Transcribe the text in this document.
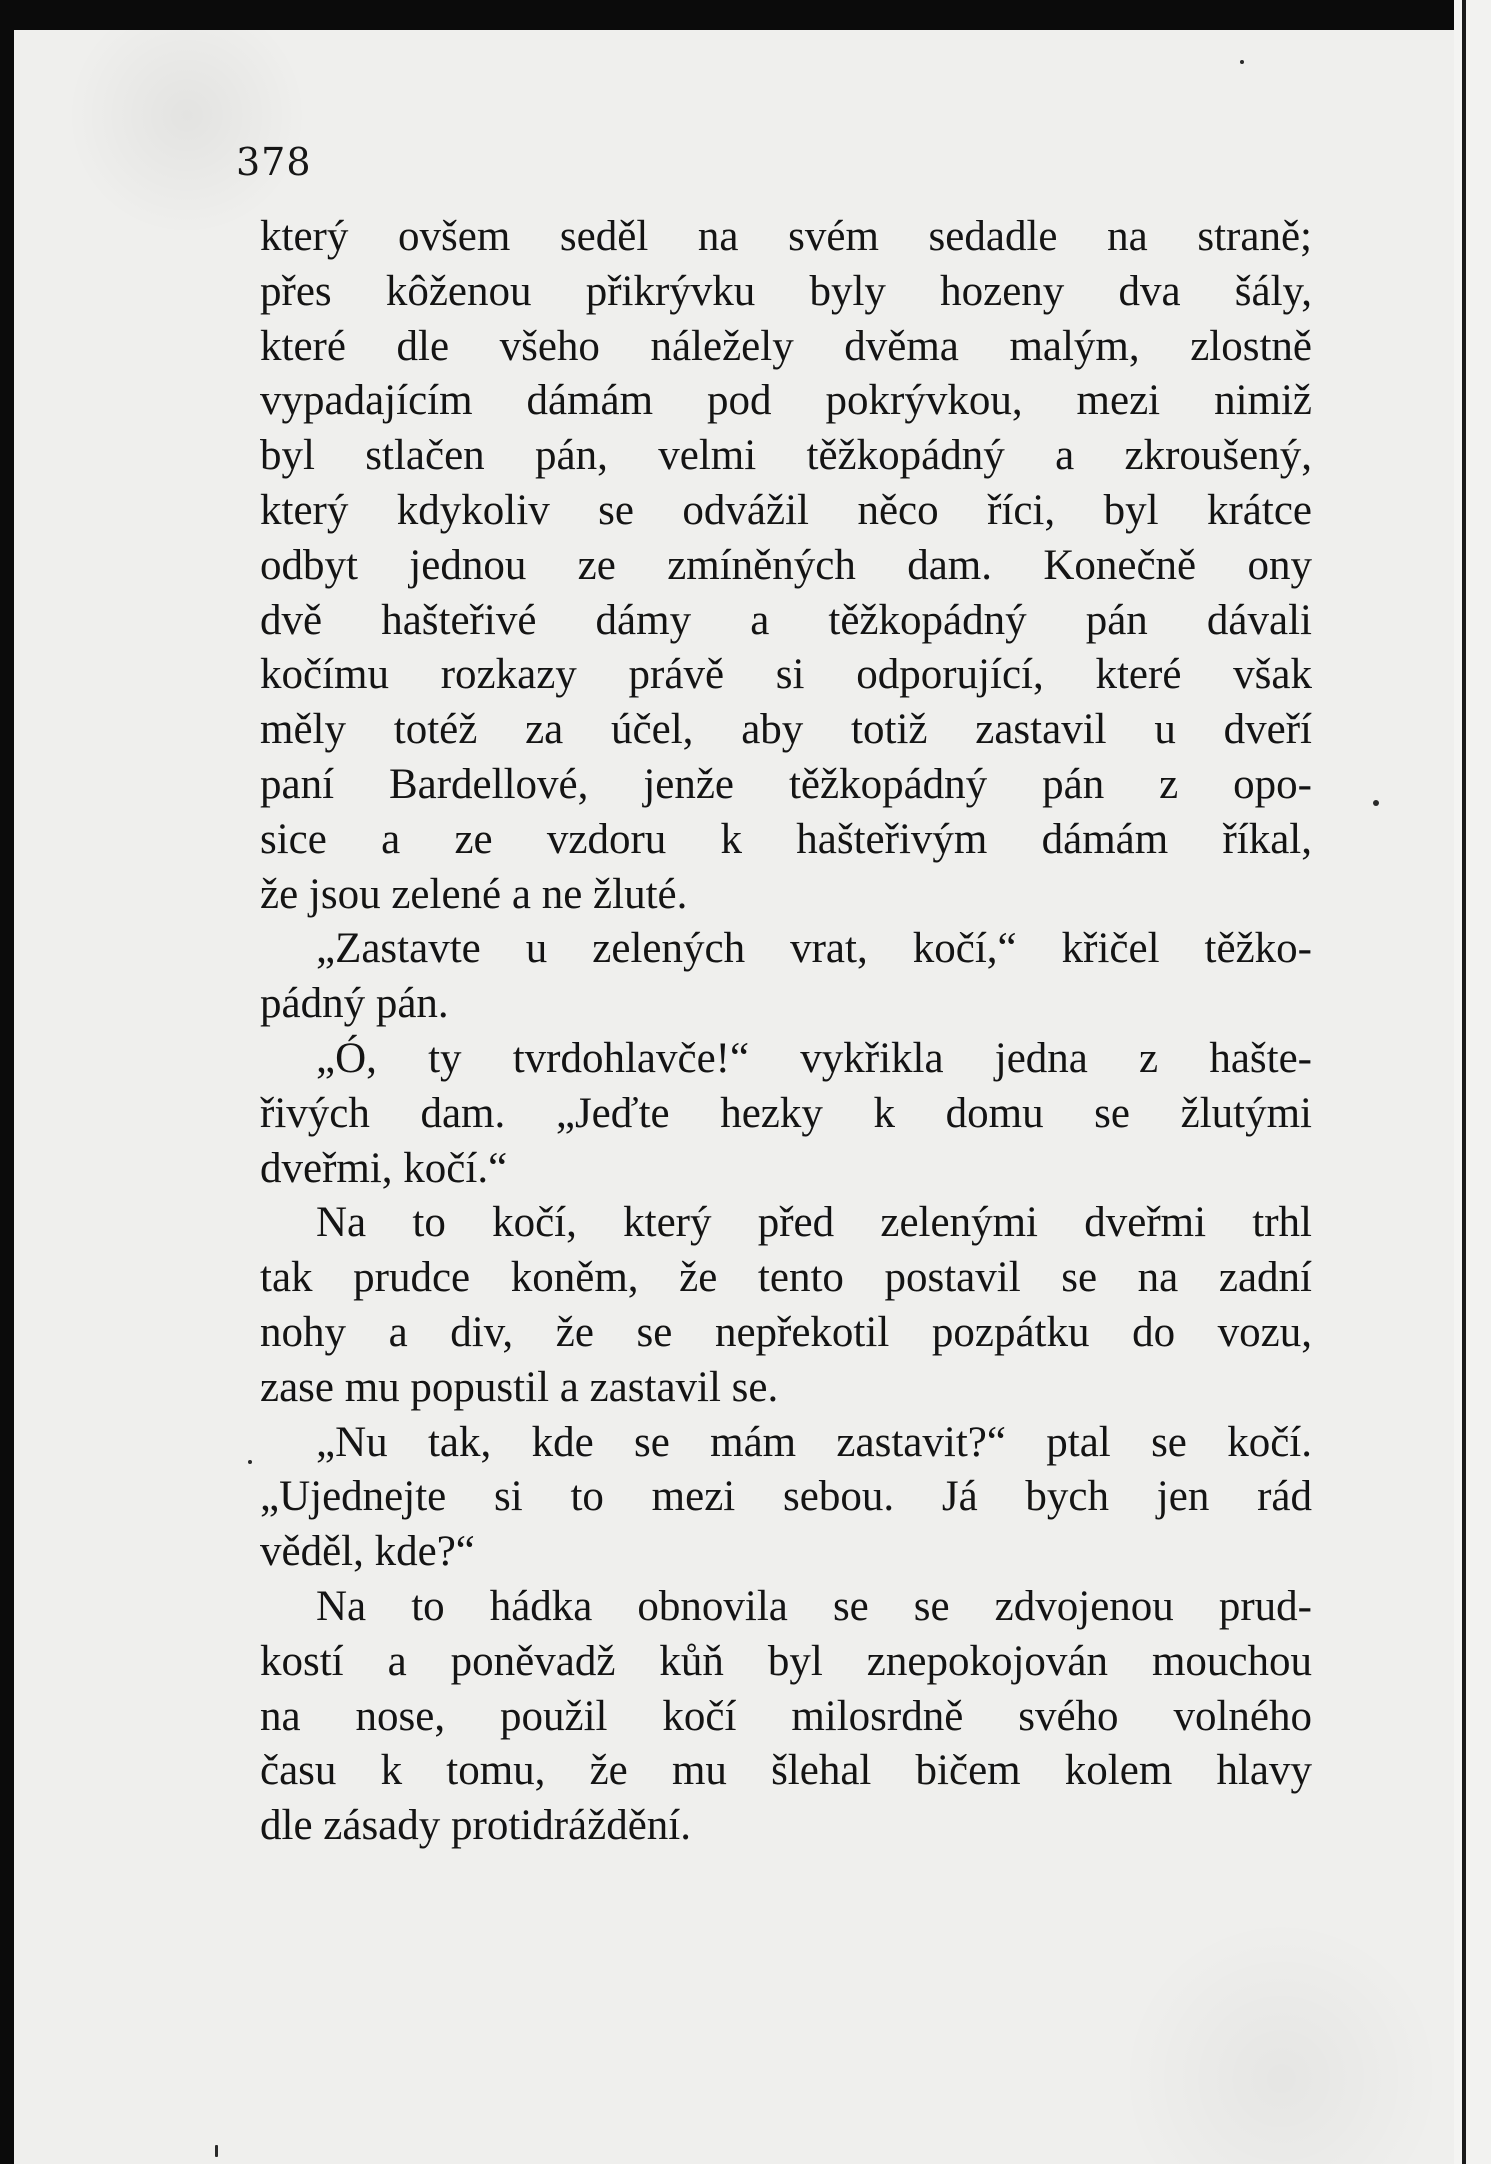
378
který ovšem seděl na svém sedadle na straně;
přes kôženou přikrývku byly hozeny dva šály,
které dle všeho náležely dvěma malým, zlostně
vypadajícím dámám pod pokrývkou, mezi nimiž
byl stlačen pán, velmi těžkopádný a zkroušený,
který kdykoliv se odvážil něco říci, byl krátce
odbyt jednou ze zmíněných dam. Konečně ony
dvě hašteřivé dámy a těžkopádný pán dávali
kočímu rozkazy právě si odporující, které však
měly totéž za účel, aby totiž zastavil u dveří
paní Bardellové, jenže těžkopádný pán z opo-
sice a ze vzdoru k hašteřivým dámám říkal,
že jsou zelené a ne žluté.
„Zastavte u zelených vrat, kočí,“ křičel těžko-
pádný pán.
„Ó, ty tvrdohlavče!“ vykřikla jedna z hašte-
řivých dam. „Jeďte hezky k domu se žlutými
dveřmi, kočí.“
Na to kočí, který před zelenými dveřmi trhl
tak prudce koněm, že tento postavil se na zadní
nohy a div, že se nepřekotil pozpátku do vozu,
zase mu popustil a zastavil se.
„Nu tak, kde se mám zastavit?“ ptal se kočí.
„Ujednejte si to mezi sebou. Já bych jen rád
věděl, kde?“
Na to hádka obnovila se se zdvojenou prud-
kostí a poněvadž kůň byl znepokojován mouchou
na nose, použil kočí milosrdně svého volného
času k tomu, že mu šlehal bičem kolem hlavy
dle zásady protidráždění.
